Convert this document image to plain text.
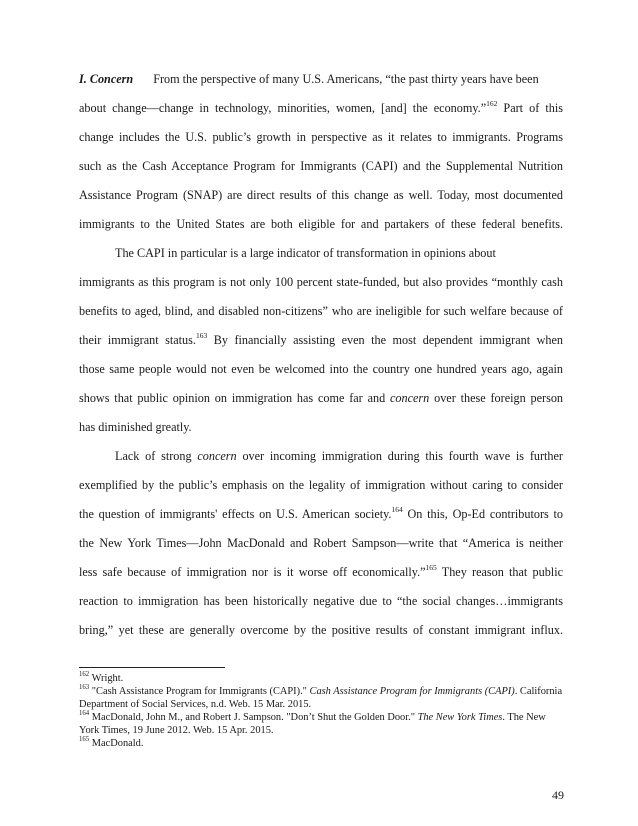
I. Concern From the perspective of many U.S. Americans, “the past thirty years have been
about change—change in technology, minorities, women, [and] the economy.”$^{162}$ Part of this
change includes the U.S. public’s growth in perspective as it relates to immigrants. Programs
such as the Cash Acceptance Program for Immigrants (CAPI) and the Supplemental Nutrition
Assistance Program (SNAP) are direct results of this change as well. Today, most documented
immigrants to the United States are both eligible for and partakers of these federal benefits.
The CAPI in particular is a large indicator of transformation in opinions about
immigrants as this program is not only 100 percent state-funded, but also provides “monthly cash
benefits to aged, blind, and disabled non-citizens” who are ineligible for such welfare because of
their immigrant status.$^{163}$ By financially assisting even the most dependent immigrant when
those same people would not even be welcomed into the country one hundred years ago, again
shows that public opinion on immigration has come far and concern over these foreign person
has diminished greatly.
Lack of strong concern over incoming immigration during this fourth wave is further
exemplified by the public’s emphasis on the legality of immigration without caring to consider
the question of immigrants' effects on U.S. American society.$^{164}$ On this, Op-Ed contributors to
the New York Times—John MacDonald and Robert Sampson—write that “America is neither
less safe because of immigration nor is it worse off economically.”$^{165}$ They reason that public
reaction to immigration has been historically negative due to “the social changes…immigrants
bring,” yet these are generally overcome by the positive results of constant immigrant influx.
$^{162}$ Wright.
$^{163}$ "Cash Assistance Program for Immigrants (CAPI)." Cash Assistance Program for Immigrants (CAPI). California
Department of Social Services, n.d. Web. 15 Mar. 2015.
$^{164}$ MacDonald, John M., and Robert J. Sampson. "Don’t Shut the Golden Door." The New York Times. The New
York Times, 19 June 2012. Web. 15 Apr. 2015.
$^{165}$ MacDonald.
49
